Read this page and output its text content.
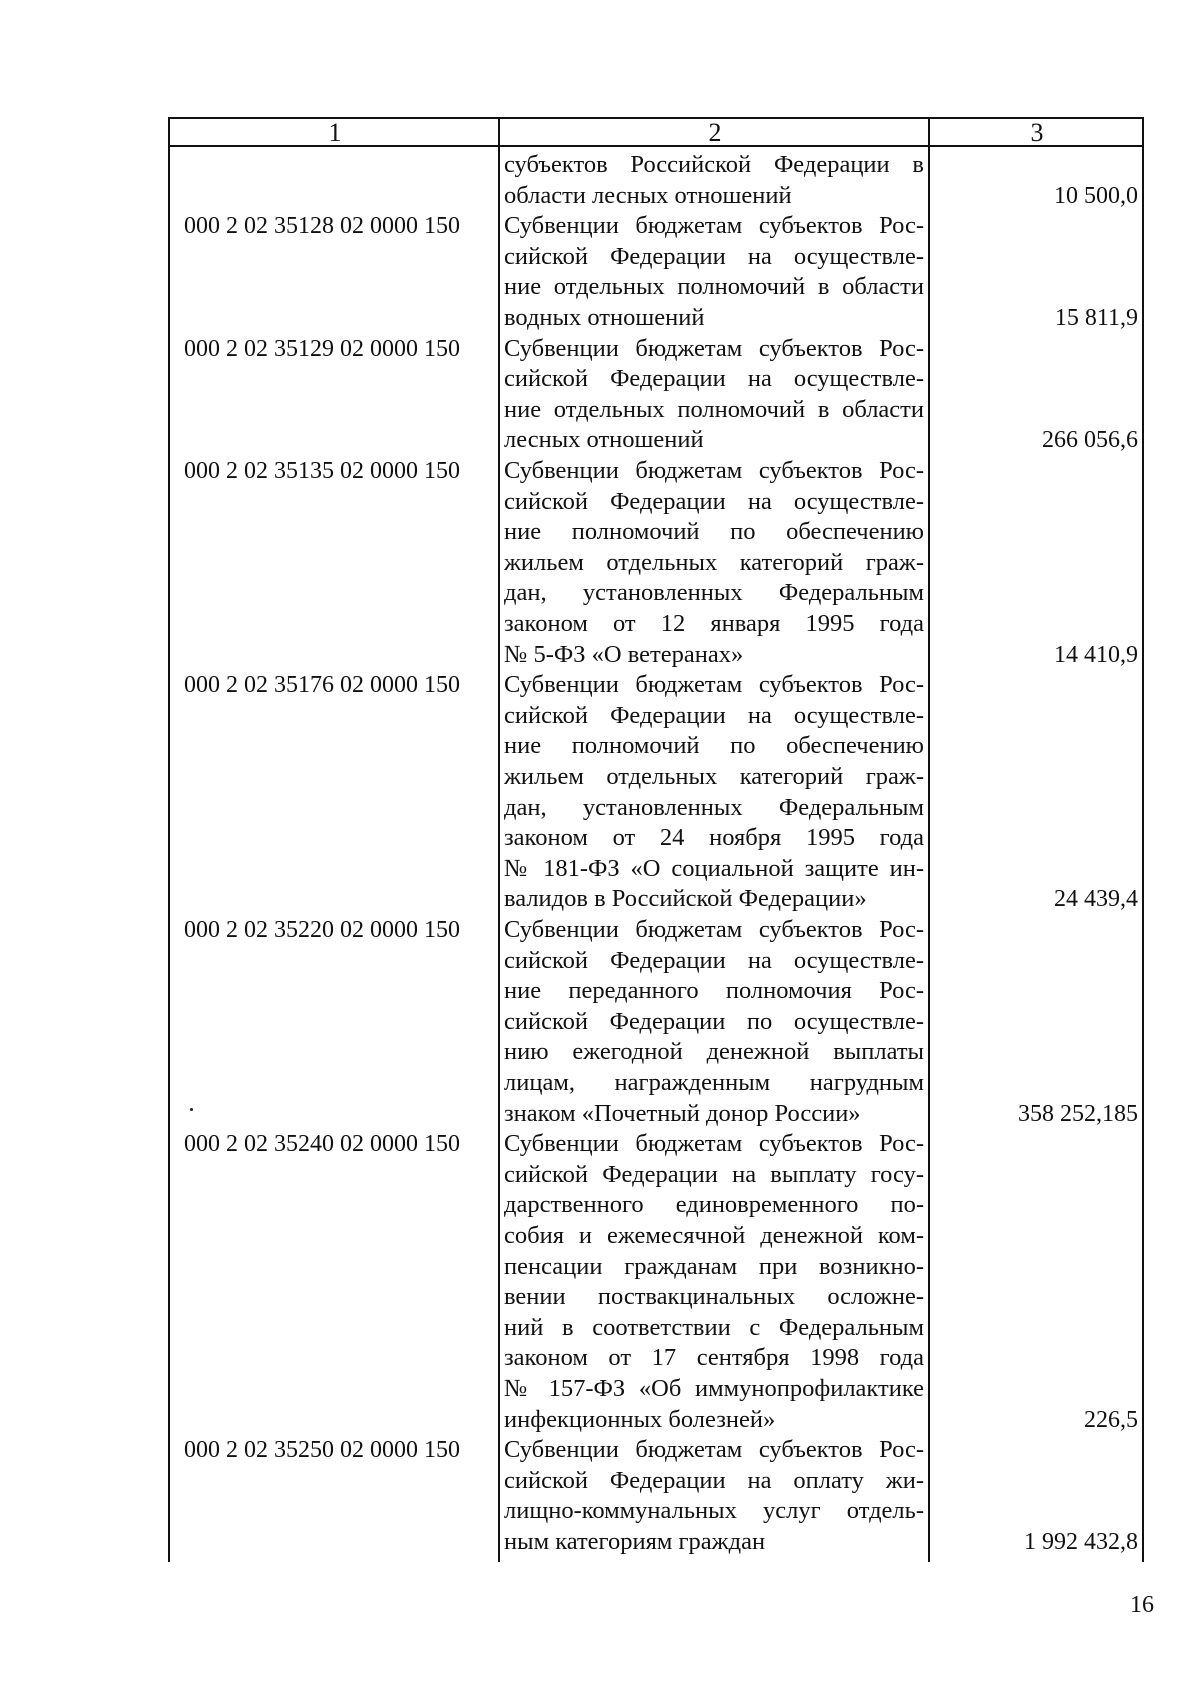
1	2	3
субъектов Российской Федерации в
области лесных отношений	10 500,0
000 2 02 35128 02 0000 150 Субвенции бюджетам субъектов Рос-
сийской Федерации на осуществле-
ние отдельных полномочий в области
водных отношений	15 811,9
000 2 02 35129 02 0000 150 Субвенции бюджетам субъектов Рос-
сийской Федерации на осуществле-
ние отдельных полномочий в области
лесных отношений	266 056,6
000 2 02 35135 02 0000 150 Субвенции бюджетам субъектов Рос-
сийской Федерации на осуществле-
ние полномочий по обеспечению
жильем отдельных категорий граж-
дан, установленных Федеральным
законом от 12 января 1995 года
№ 5-ФЗ «О ветеранах»	14 410,9
000 2 02 35176 02 0000 150 Субвенции бюджетам субъектов Рос-
сийской Федерации на осуществле-
ние полномочий по обеспечению
жильем отдельных категорий граж-
дан, установленных Федеральным
законом от 24 ноября 1995 года
№ 181-ФЗ «О социальной защите ин-
валидов в Российской Федерации»	24 439,4
000 2 02 35220 02 0000 150 Субвенции бюджетам субъектов Рос-
сийской Федерации на осуществле-
ние переданного полномочия Рос-
сийской Федерации по осуществле-
нию ежегодной денежной выплаты
лицам, награжденным нагрудным
знаком «Почетный донор России»	358 252,185
000 2 02 35240 02 0000 150 Субвенции бюджетам субъектов Рос-
сийской Федерации на выплату госу-
дарственного единовременного по-
собия и ежемесячной денежной ком-
пенсации гражданам при возникно-
вении поствакцинальных осложне-
ний в соответствии с Федеральным
законом от 17 сентября 1998 года
№ 157-ФЗ «Об иммунопрофилактике
инфекционных болезней»	226,5
000 2 02 35250 02 0000 150 Субвенции бюджетам субъектов Рос-
сийской Федерации на оплату жи-
лищно-коммунальных услуг отдель-
ным категориям граждан	1 992 432,8
16
